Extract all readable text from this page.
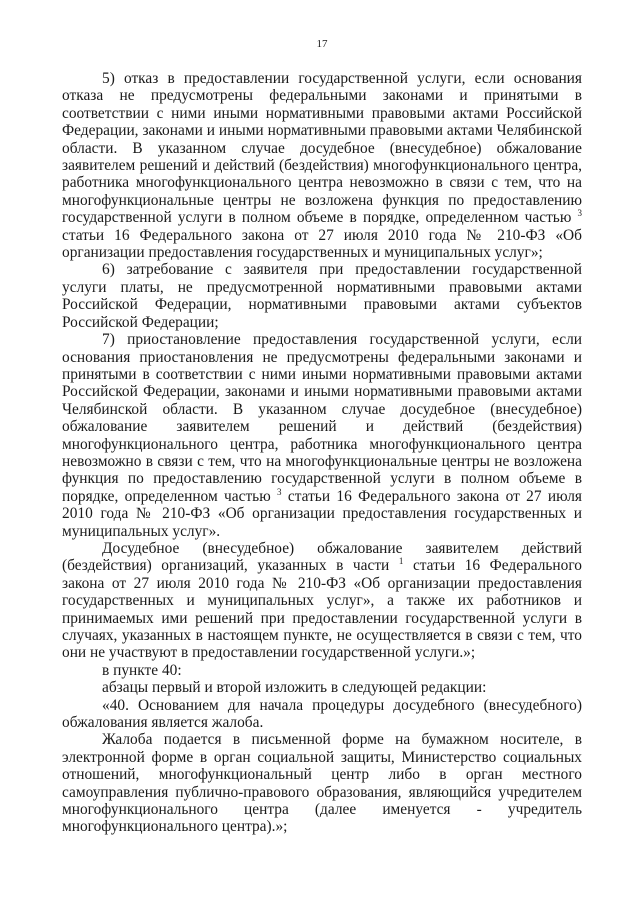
17

5) отказ в предоставлении государственной услуги, если основания отказа не предусмотрены федеральными законами и принятыми в соответствии с ними иными нормативными правовыми актами Российской Федерации, законами и иными нормативными правовыми актами Челябинской области. В указанном случае досудебное (внесудебное) обжалование заявителем решений и действий (бездействия) многофункционального центра, работника многофункционального центра невозможно в связи с тем, что на многофункциональные центры не возложена функция по предоставлению государственной услуги в полном объеме в порядке, определенном частью $^3$ статьи 16 Федерального закона от 27 июля 2010 года № 210-ФЗ «Об организации предоставления государственных и муниципальных услуг»;

6) затребование с заявителя при предоставлении государственной услуги платы, не предусмотренной нормативными правовыми актами Российской Федерации, нормативными правовыми актами субъектов Российской Федерации;

7) приостановление предоставления государственной услуги, если основания приостановления не предусмотрены федеральными законами и принятыми в соответствии с ними иными нормативными правовыми актами Российской Федерации, законами и иными нормативными правовыми актами Челябинской области. В указанном случае досудебное (внесудебное) обжалование заявителем решений и действий (бездействия) многофункционального центра, работника многофункционального центра невозможно в связи с тем, что на многофункциональные центры не возложена функция по предоставлению государственной услуги в полном объеме в порядке, определенном частью $^3$ статьи 16 Федерального закона от 27 июля 2010 года № 210-ФЗ «Об организации предоставления государственных и муниципальных услуг».

Досудебное (внесудебное) обжалование заявителем действий (бездействия) организаций, указанных в части $^1$ статьи 16 Федерального закона от 27 июля 2010 года № 210-ФЗ «Об организации предоставления государственных и муниципальных услуг», а также их работников и принимаемых ими решений при предоставлении государственной услуги в случаях, указанных в настоящем пункте, не осуществляется в связи с тем, что они не участвуют в предоставлении государственной услуги.»;

в пункте 40:

абзацы первый и второй изложить в следующей редакции:

«40. Основанием для начала процедуры досудебного (внесудебного) обжалования является жалоба.

Жалоба подается в письменной форме на бумажном носителе, в электронной форме в орган социальной защиты, Министерство социальных отношений, многофункциональный центр либо в орган местного самоуправления публично-правового образования, являющийся учредителем многофункционального центра (далее именуется - учредитель многофункционального центра).»;
